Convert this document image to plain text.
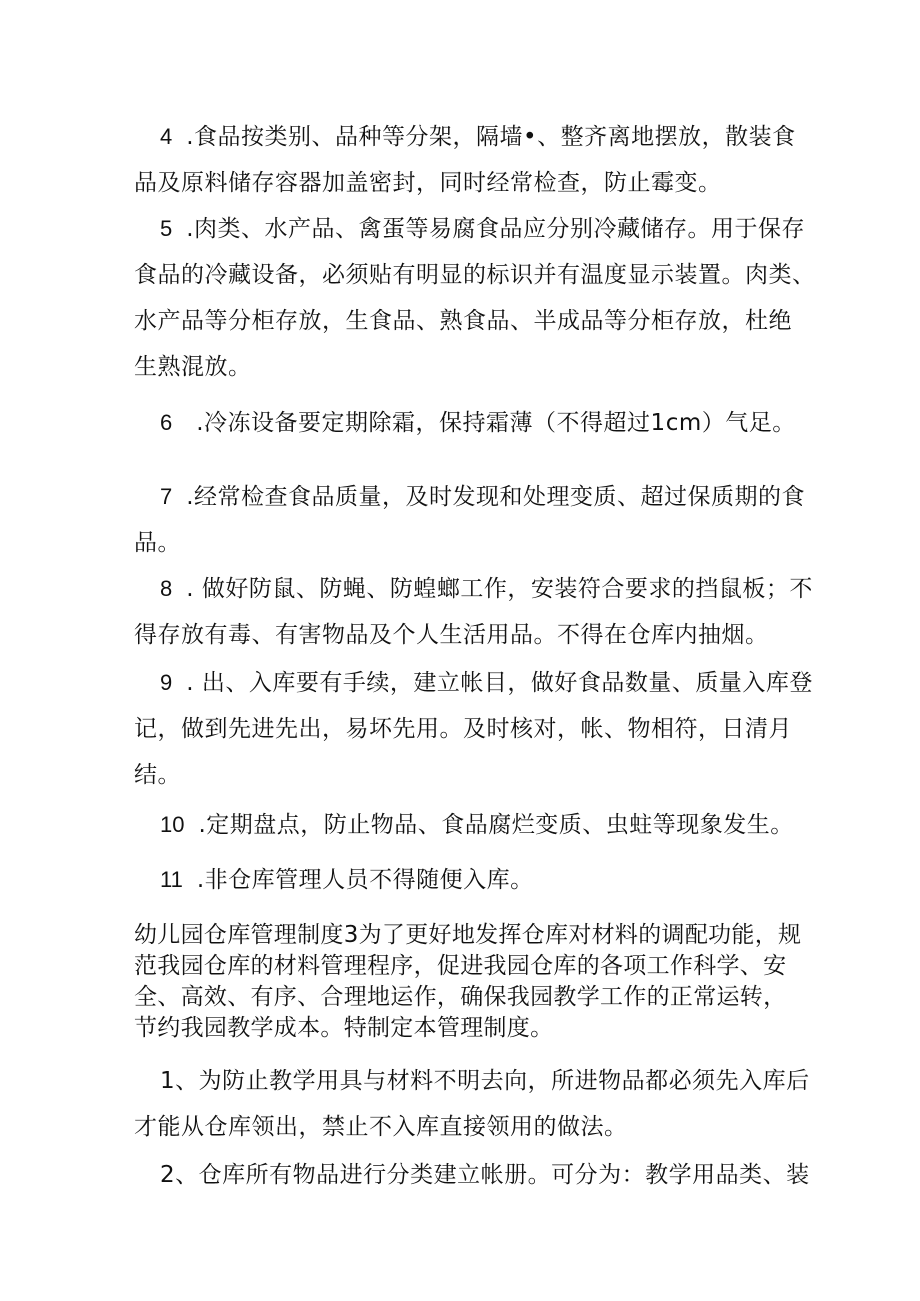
4 .食品按类别、品种等分架，隔墙•、整齐离地摆放，散装食
品及原料储存容器加盖密封，同时经常检查，防止霉变。

5 .肉类、水产品、禽蛋等易腐食品应分别冷藏储存。用于保存
食品的冷藏设备，必须贴有明显的标识并有温度显示装置。肉类、
水产品等分柜存放，生食品、熟食品、半成品等分柜存放，杜绝
生熟混放。

6 .冷冻设备要定期除霜，保持霜薄（不得超过1cm）气足。

7 .经常检查食品质量，及时发现和处理变质、超过保质期的食
品。

8 . 做好防鼠、防蝇、防蝗螂工作，安装符合要求的挡鼠板；不
得存放有毒、有害物品及个人生活用品。不得在仓库内抽烟。

9 . 出、入库要有手续，建立帐目，做好食品数量、质量入库登
记，做到先进先出，易坏先用。及时核对，帐、物相符，日清月
结。

10 .定期盘点，防止物品、食品腐烂变质、虫蛀等现象发生。

11 .非仓库管理人员不得随便入库。

幼儿园仓库管理制度3为了更好地发挥仓库对材料的调配功能，规
范我园仓库的材料管理程序，促进我园仓库的各项工作科学、安
全、高效、有序、合理地运作，确保我园教学工作的正常运转，
节约我园教学成本。特制定本管理制度。

1、为防止教学用具与材料不明去向，所进物品都必须先入库后
才能从仓库领出，禁止不入库直接领用的做法。

2、仓库所有物品进行分类建立帐册。可分为：教学用品类、装
